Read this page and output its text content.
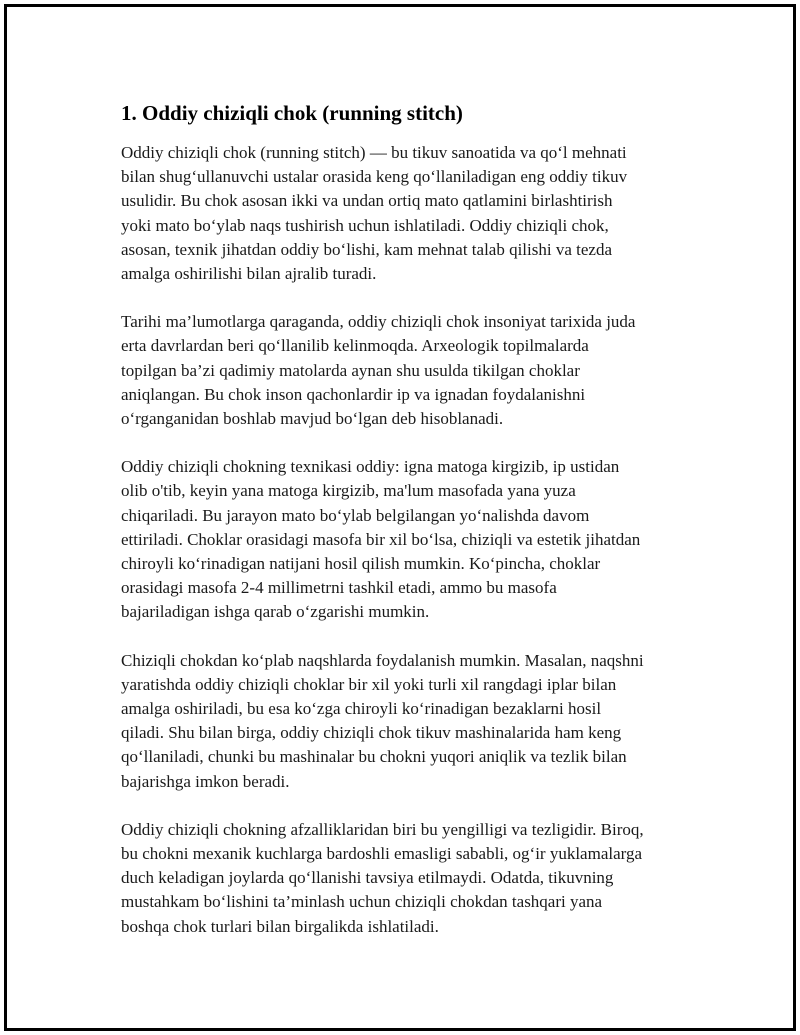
1. Oddiy chiziqli chok (running stitch)

Oddiy chiziqli chok (running stitch) — bu tikuv sanoatida va qo‘l mehnati
bilan shug‘ullanuvchi ustalar orasida keng qo‘llaniladigan eng oddiy tikuv
usulidir. Bu chok asosan ikki va undan ortiq mato qatlamini birlashtirish
yoki mato bo‘ylab naqs tushirish uchun ishlatiladi. Oddiy chiziqli chok,
asosan, texnik jihatdan oddiy bo‘lishi, kam mehnat talab qilishi va tezda
amalga oshirilishi bilan ajralib turadi.

Tarihi ma’lumotlarga qaraganda, oddiy chiziqli chok insoniyat tarixida juda
erta davrlardan beri qo‘llanilib kelinmoqda. Arxeologik topilmalarda
topilgan ba’zi qadimiy matolarda aynan shu usulda tikilgan choklar
aniqlangan. Bu chok inson qachonlardir ip va ignadan foydalanishni
o‘rganganidan boshlab mavjud bo‘lgan deb hisoblanadi.

Oddiy chiziqli chokning texnikasi oddiy: igna matoga kirgizib, ip ustidan
olib o'tib, keyin yana matoga kirgizib, ma'lum masofada yana yuza
chiqariladi. Bu jarayon mato bo‘ylab belgilangan yo‘nalishda davom
ettiriladi. Choklar orasidagi masofa bir xil bo‘lsa, chiziqli va estetik jihatdan
chiroyli ko‘rinadigan natijani hosil qilish mumkin. Ko‘pincha, choklar
orasidagi masofa 2-4 millimetrni tashkil etadi, ammo bu masofa
bajariladigan ishga qarab o‘zgarishi mumkin.

Chiziqli chokdan ko‘plab naqshlarda foydalanish mumkin. Masalan, naqshni
yaratishda oddiy chiziqli choklar bir xil yoki turli xil rangdagi iplar bilan
amalga oshiriladi, bu esa ko‘zga chiroyli ko‘rinadigan bezaklarni hosil
qiladi. Shu bilan birga, oddiy chiziqli chok tikuv mashinalarida ham keng
qo‘llaniladi, chunki bu mashinalar bu chokni yuqori aniqlik va tezlik bilan
bajarishga imkon beradi.

Oddiy chiziqli chokning afzalliklaridan biri bu yengilligi va tezligidir. Biroq,
bu chokni mexanik kuchlarga bardoshli emasligi sababli, og‘ir yuklamalarga
duch keladigan joylarda qo‘llanishi tavsiya etilmaydi. Odatda, tikuvning
mustahkam bo‘lishini ta’minlash uchun chiziqli chokdan tashqari yana
boshqa chok turlari bilan birgalikda ishlatiladi.
